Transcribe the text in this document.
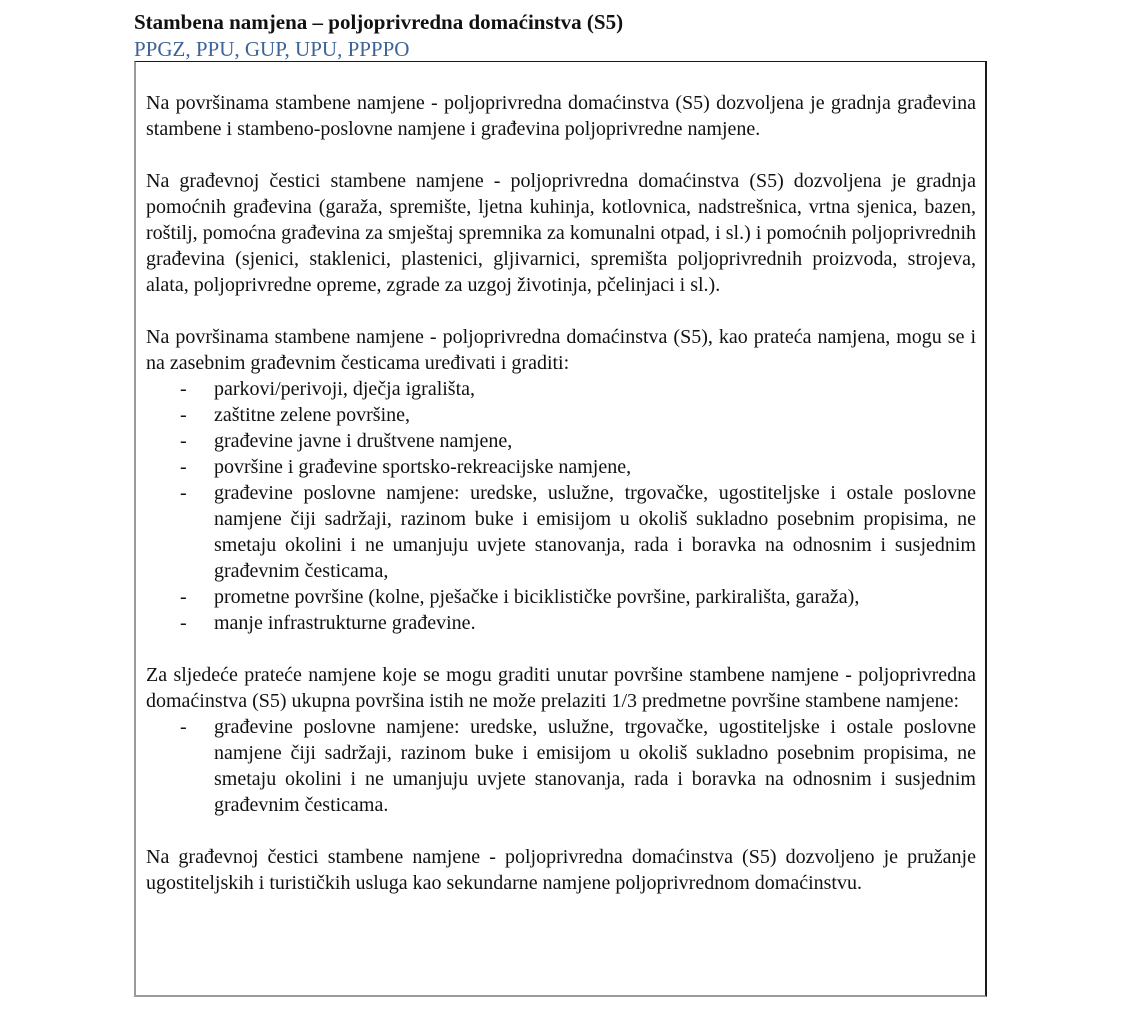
Stambena namjena – poljoprivredna domaćinstva (S5)
PPGZ, PPU, GUP, UPU, PPPPO

Na površinama stambene namjene - poljoprivredna domaćinstva (S5) dozvoljena je gradnja građevina stambene i stambeno-poslovne namjene i građevina poljoprivredne namjene.

Na građevnoj čestici stambene namjene - poljoprivredna domaćinstva (S5) dozvoljena je gradnja pomoćnih građevina (garaža, spremište, ljetna kuhinja, kotlovnica, nadstrešnica, vrtna sjenica, bazen, roštilj, pomoćna građevina za smještaj spremnika za komunalni otpad, i sl.) i pomoćnih poljoprivrednih građevina (sjenici, staklenici, plastenici, gljivarnici, spremišta poljoprivrednih proizvoda, strojeva, alata, poljoprivredne opreme, zgrade za uzgoj životinja, pčelinjaci i sl.).

Na površinama stambene namjene - poljoprivredna domaćinstva (S5), kao prateća namjena, mogu se i na zasebnim građevnim česticama uređivati i graditi:

- parkovi/perivoji, dječja igrališta,
- zaštitne zelene površine,
- građevine javne i društvene namjene,
- površine i građevine sportsko-rekreacijske namjene,
- građevine poslovne namjene: uredske, uslužne, trgovačke, ugostiteljske i ostale poslovne namjene čiji sadržaji, razinom buke i emisijom u okoliš sukladno posebnim propisima, ne smetaju okolini i ne umanjuju uvjete stanovanja, rada i boravka na odnosnim i susjednim građevnim česticama,
- prometne površine (kolne, pješačke i biciklističke površine, parkirališta, garaža),
- manje infrastrukturne građevine.

Za sljedeće prateće namjene koje se mogu graditi unutar površine stambene namjene - poljoprivredna domaćinstva (S5) ukupna površina istih ne može prelaziti 1/3 predmetne površine stambene namjene:

- građevine poslovne namjene: uredske, uslužne, trgovačke, ugostiteljske i ostale poslovne namjene čiji sadržaji, razinom buke i emisijom u okoliš sukladno posebnim propisima, ne smetaju okolini i ne umanjuju uvjete stanovanja, rada i boravka na odnosnim i susjednim građevnim česticama.

Na građevnoj čestici stambene namjene - poljoprivredna domaćinstva (S5) dozvoljeno je pružanje ugostiteljskih i turističkih usluga kao sekundarne namjene poljoprivrednom domaćinstvu.
